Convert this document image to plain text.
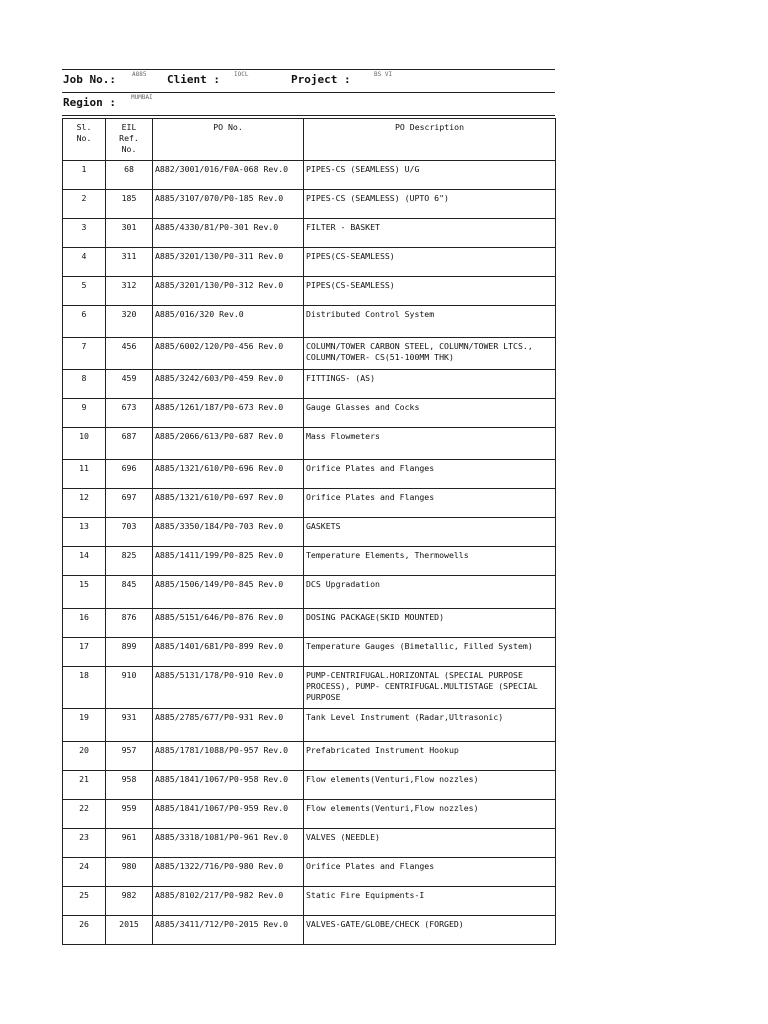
Job No.:	A885 Client : IOCL	Project :	BS VI
Region :	MUMBAI
Sl. No.	EIL Ref. No.	PO No.	PO Description

1	68	A882/3001/016/F0A-068 Rev.0	PIPES-CS (SEAMLESS) U/G

2	185	A885/3107/070/P0-185 Rev.0	PIPES-CS (SEAMLESS) (UPTO 6")

3	301	A885/4330/81/P0-301 Rev.0	FILTER - BASKET

4	311	A885/3201/130/P0-311 Rev.0	PIPES(CS-SEAMLESS)

5	312	A885/3201/130/P0-312 Rev.0	PIPES(CS-SEAMLESS)

6	320	A885/016/320 Rev.0	Distributed Control System

7	456	A885/6002/120/P0-456 Rev.0	COLUMN/TOWER CARBON STEEL, COLUMN/TOWER LTCS., COLUMN/TOWER- CS(51-100MM THK)

8	459	A885/3242/603/P0-459 Rev.0	FITTINGS- (AS)

9	673	A885/1261/187/P0-673 Rev.0	Gauge Glasses and Cocks

10	687	A885/2066/613/P0-687 Rev.0	Mass Flowmeters

11	696	A885/1321/610/P0-696 Rev.0	Orifice Plates and Flanges

12	697	A885/1321/610/P0-697 Rev.0	Orifice Plates and Flanges

13	703	A885/3350/184/P0-703 Rev.0	GASKETS

14	825	A885/1411/199/P0-825 Rev.0	Temperature Elements, Thermowells

15	845	A885/1506/149/P0-845 Rev.0	DCS Upgradation

16	876	A885/5151/646/P0-876 Rev.0	DOSING PACKAGE(SKID MOUNTED)

17	899	A885/1401/681/P0-899 Rev.0	Temperature Gauges (Bimetallic, Filled System)

18	910	A885/5131/178/P0-910 Rev.0	PUMP-CENTRIFUGAL.HORIZONTAL (SPECIAL PURPOSE PROCESS), PUMP- CENTRIFUGAL.MULTISTAGE (SPECIAL PURPOSE

19	931	A885/2785/677/P0-931 Rev.0	Tank Level Instrument (Radar,Ultrasonic)

20	957	A885/1781/1088/P0-957 Rev.0	Prefabricated Instrument Hookup

21	958	A885/1841/1067/P0-958 Rev.0	Flow elements(Venturi,Flow nozzles)

22	959	A885/1841/1067/P0-959 Rev.0	Flow elements(Venturi,Flow nozzles)

23	961	A885/3318/1081/P0-961 Rev.0	VALVES (NEEDLE)

24	980	A885/1322/716/P0-980 Rev.0	Orifice Plates and Flanges

25	982	A885/8102/217/P0-982 Rev.0	Static Fire Equipments-I

26	2015	A885/3411/712/P0-2015 Rev.0	VALVES-GATE/GLOBE/CHECK (FORGED)
